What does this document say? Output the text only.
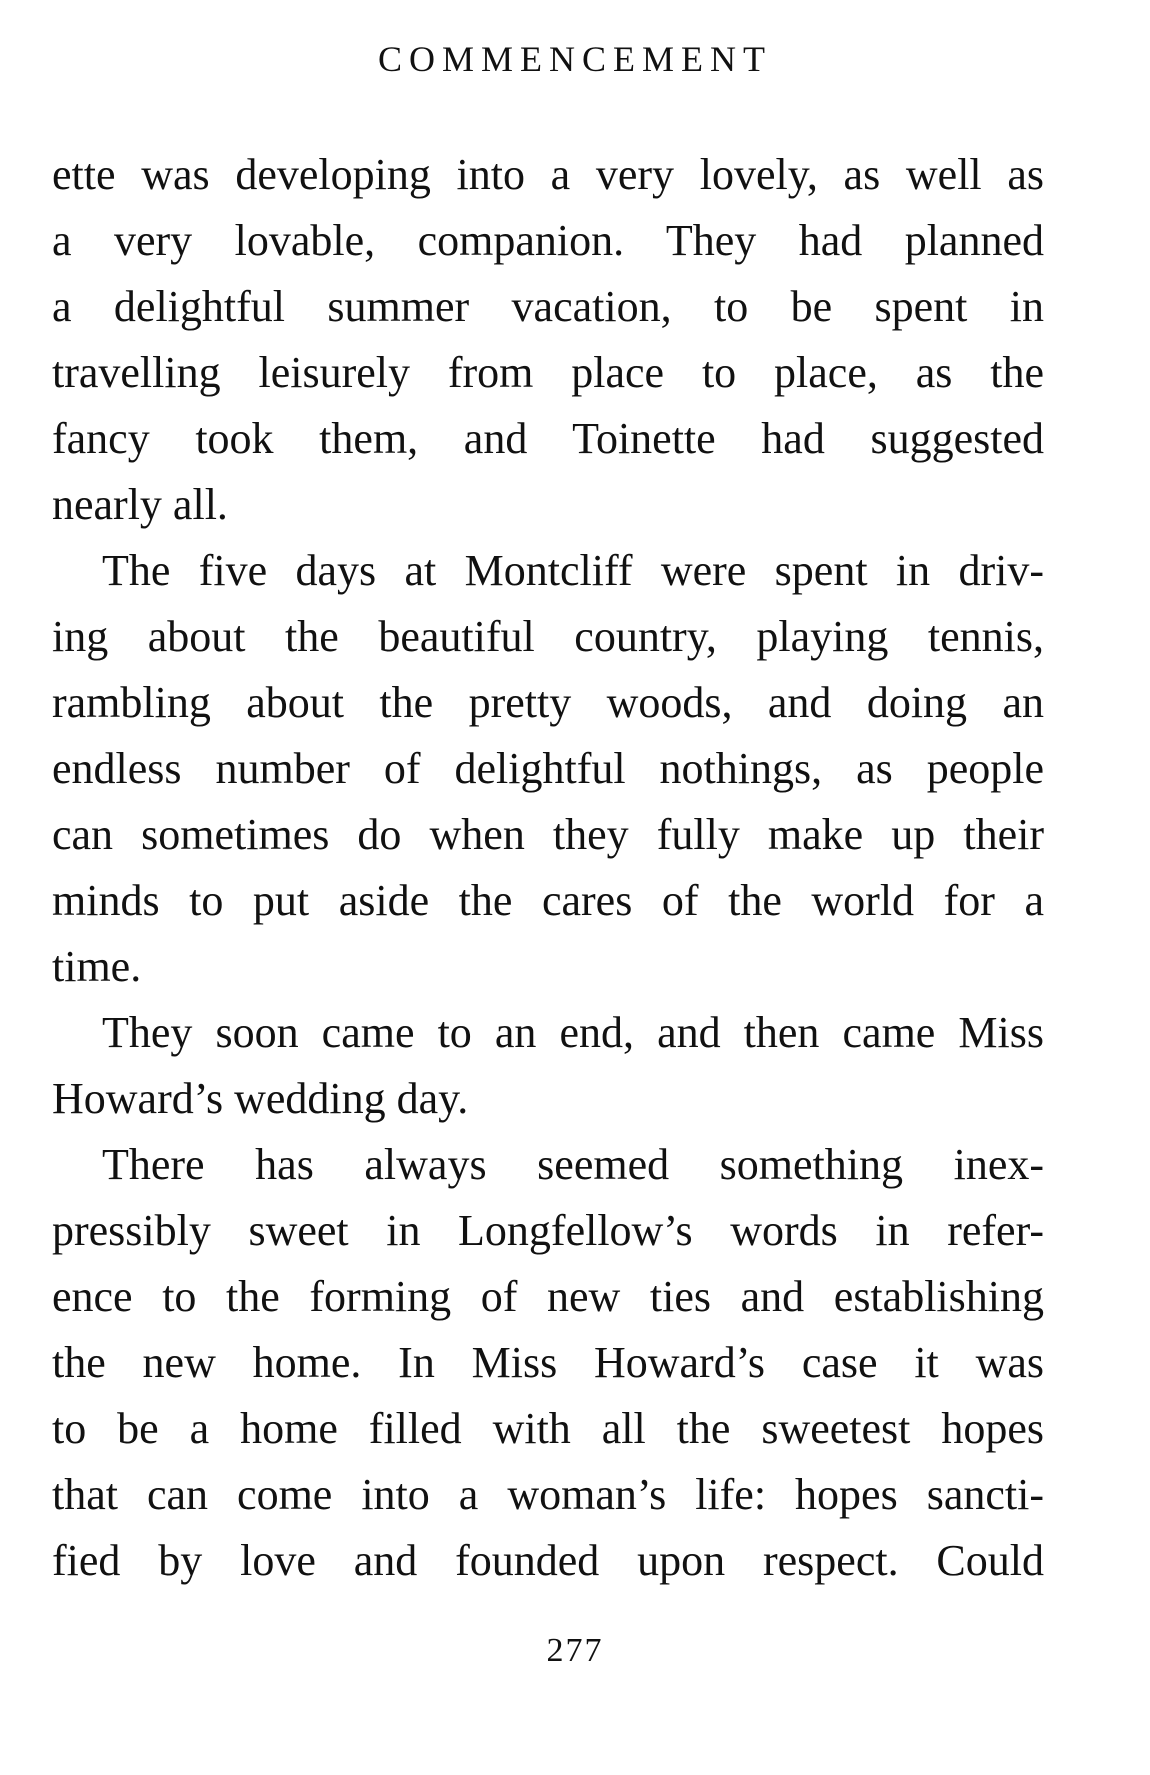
COMMENCEMENT
ette was developing into a very lovely, as well as
a very lovable, companion. They had planned
a delightful summer vacation, to be spent in
travelling leisurely from place to place, as the
fancy took them, and Toinette had suggested
nearly all.
The five days at Montcliff were spent in driv-
ing about the beautiful country, playing tennis,
rambling about the pretty woods, and doing an
endless number of delightful nothings, as people
can sometimes do when they fully make up their
minds to put aside the cares of the world for a
time.
They soon came to an end, and then came Miss
Howard’s wedding day.
There has always seemed something inex-
pressibly sweet in Longfellow’s words in refer-
ence to the forming of new ties and establishing
the new home. In Miss Howard’s case it was
to be a home filled with all the sweetest hopes
that can come into a woman’s life: hopes sancti-
fied by love and founded upon respect. Could
277
